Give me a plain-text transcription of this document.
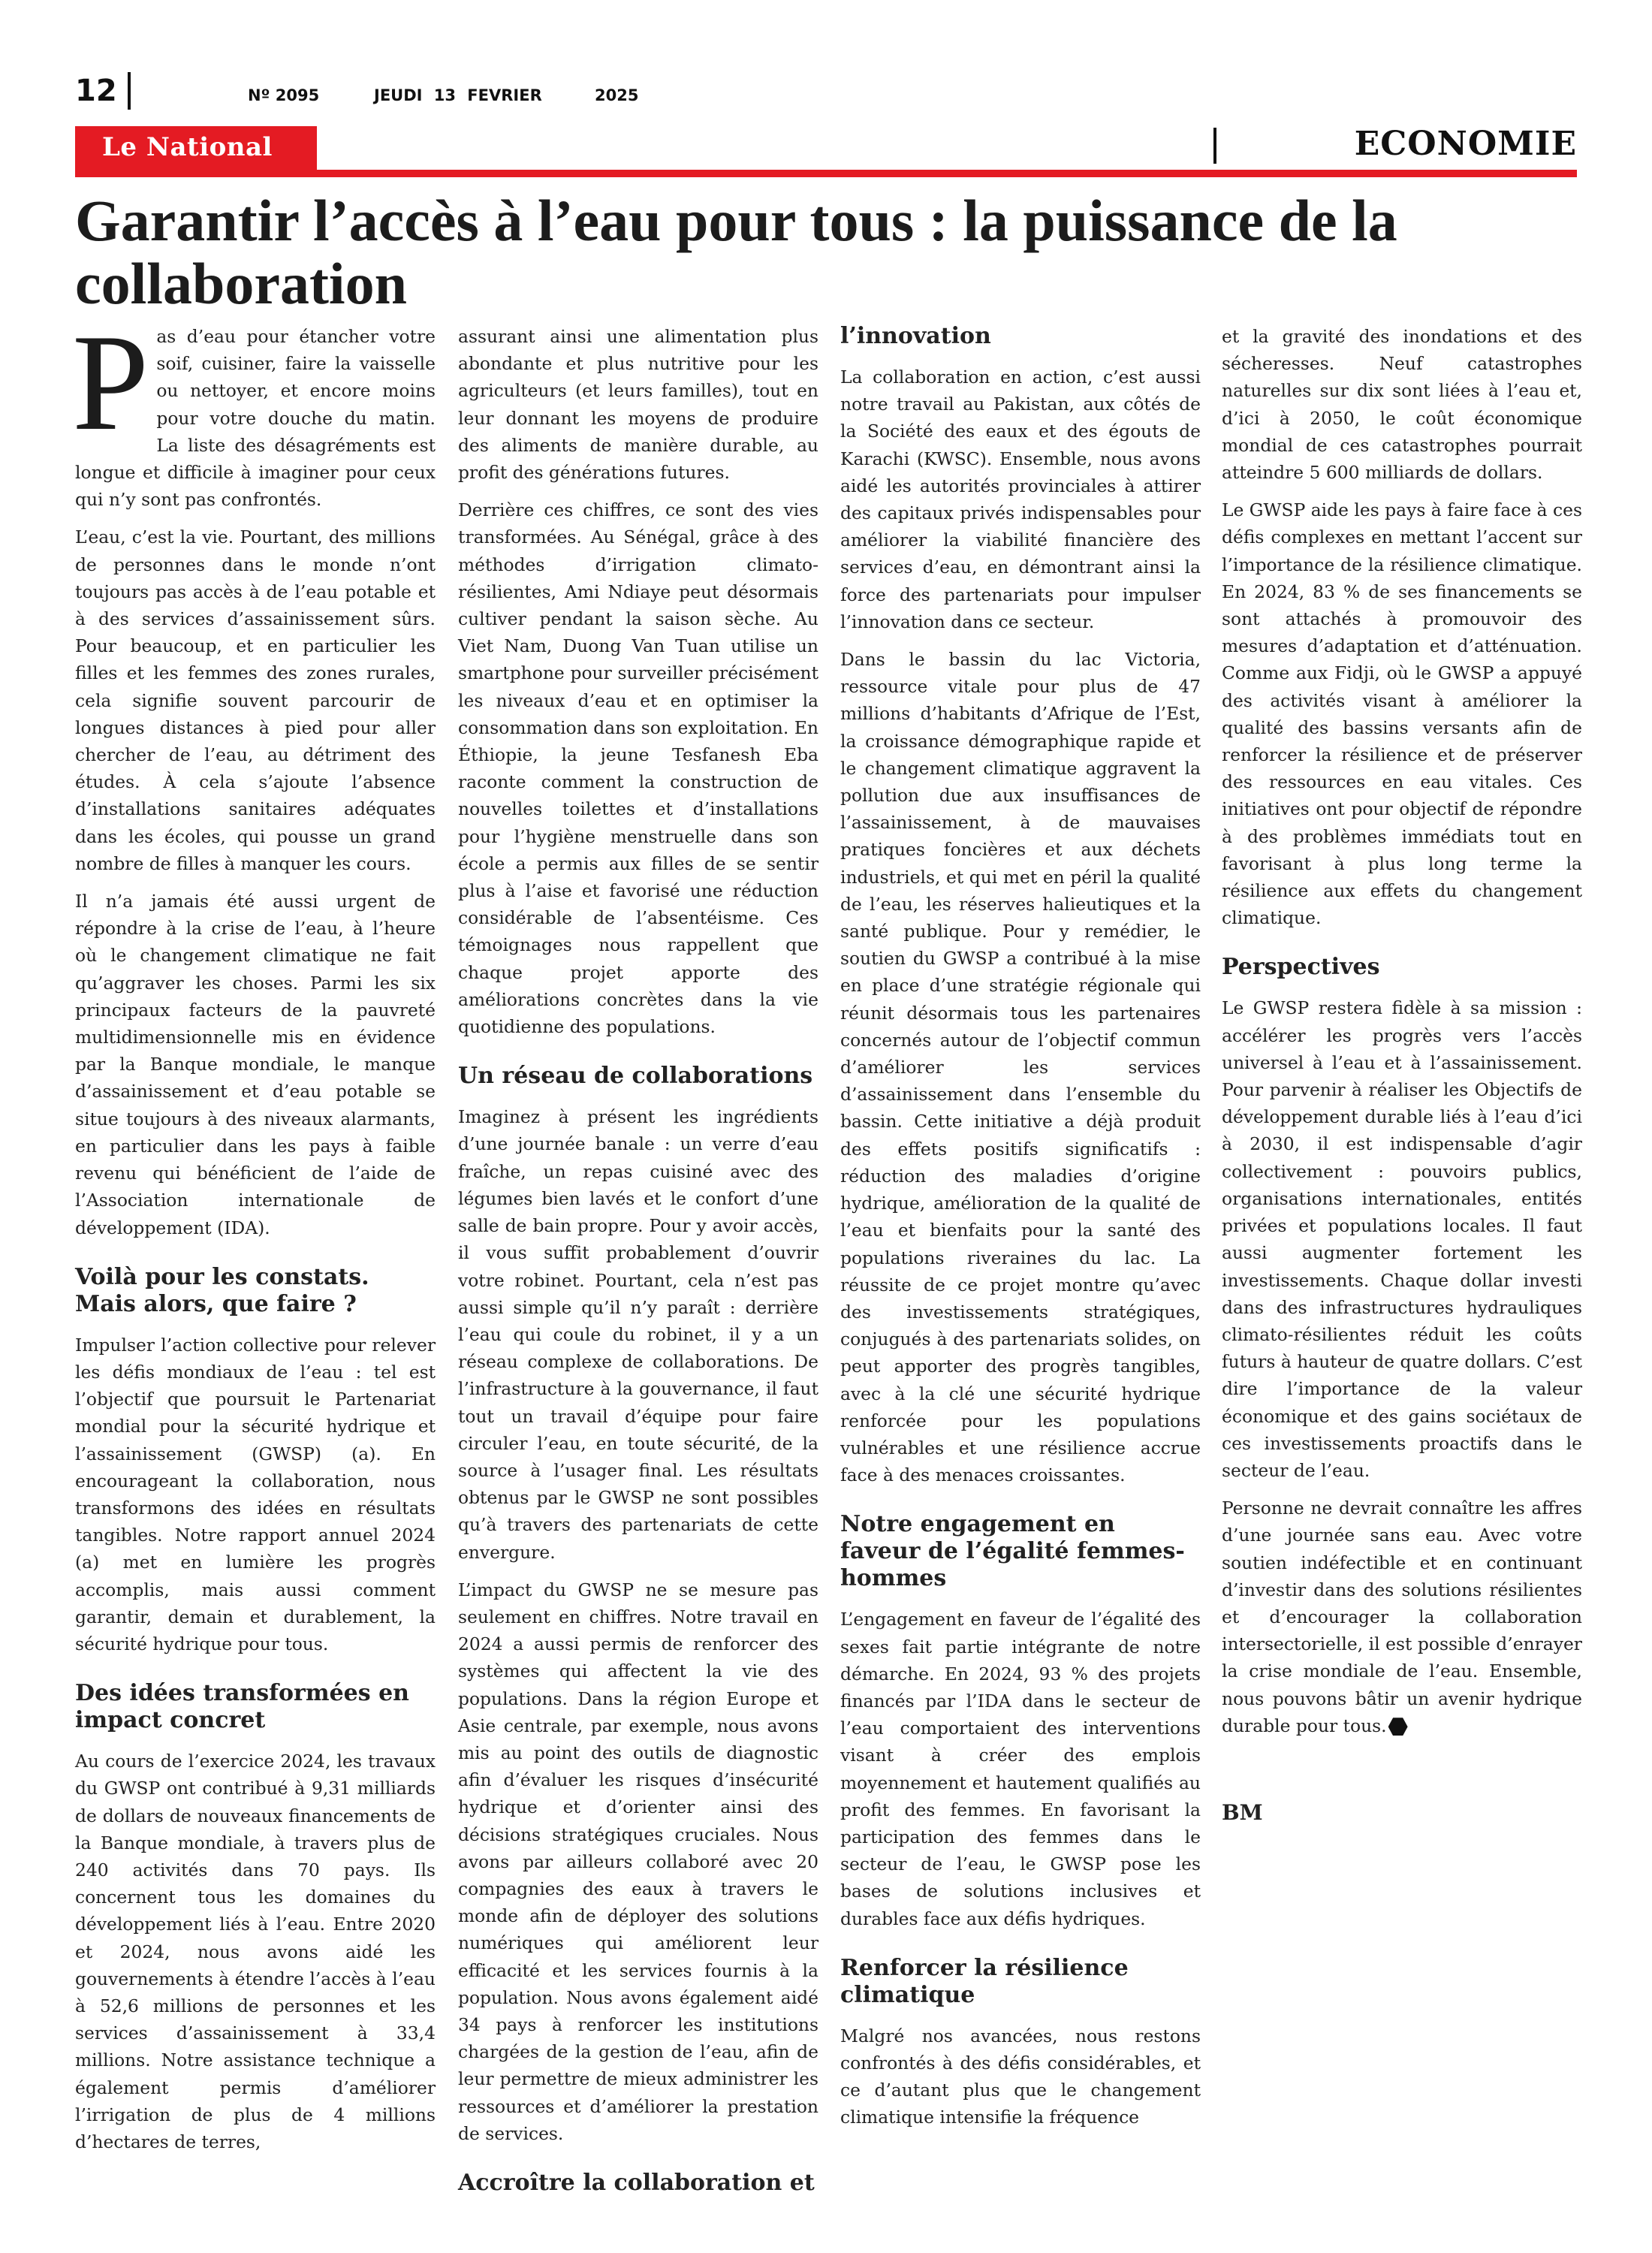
12	Nº 2095	JEUDI 13 FEVRIER	2025
Le National	ECONOMIE
Garantir l’accès à l’eau pour tous : la puissance de la collaboration

Pas d’eau pour étancher votre soif, cuisiner, faire la vaisselle ou nettoyer, et encore moins pour votre douche du matin. La liste des désagréments est longue et difficile à imaginer pour ceux qui n’y sont pas confrontés.

L’eau, c’est la vie. Pourtant, des millions de personnes dans le monde n’ont toujours pas accès à de l’eau potable et à des services d’assainissement sûrs. Pour beaucoup, et en particulier les filles et les femmes des zones rurales, cela signifie souvent parcourir de longues distances à pied pour aller chercher de l’eau, au détriment des études. À cela s’ajoute l’absence d’installations sanitaires adéquates dans les écoles, qui pousse un grand nombre de filles à manquer les cours.

Il n’a jamais été aussi urgent de répondre à la crise de l’eau, à l’heure où le changement climatique ne fait qu’aggraver les choses. Parmi les six principaux facteurs de la pauvreté multidimensionnelle mis en évidence par la Banque mondiale, le manque d’assainissement et d’eau potable se situe toujours à des niveaux alarmants, en particulier dans les pays à faible revenu qui bénéficient de l’aide de l’Association internationale de développement (IDA).

Voilà pour les constats. Mais alors, que faire ?

Impulser l’action collective pour relever les défis mondiaux de l’eau : tel est l’objectif que poursuit le Partenariat mondial pour la sécurité hydrique et l’assainissement (GWSP) (a). En encourageant la collaboration, nous transformons des idées en résultats tangibles. Notre rapport annuel 2024 (a) met en lumière les progrès accomplis, mais aussi comment garantir, demain et durablement, la sécurité hydrique pour tous.

Des idées transformées en impact concret

Au cours de l’exercice 2024, les travaux du GWSP ont contribué à 9,31 milliards de dollars de nouveaux financements de la Banque mondiale, à travers plus de 240 activités dans 70 pays. Ils concernent tous les domaines du développement liés à l’eau. Entre 2020 et 2024, nous avons aidé les gouvernements à étendre l’accès à l’eau à 52,6 millions de personnes et les services d’assainissement à 33,4 millions. Notre assistance technique a également permis d’améliorer l’irrigation de plus de 4 millions d’hectares de terres,

assurant ainsi une alimentation plus abondante et plus nutritive pour les agriculteurs (et leurs familles), tout en leur donnant les moyens de produire des aliments de manière durable, au profit des générations futures.

Derrière ces chiffres, ce sont des vies transformées. Au Sénégal, grâce à des méthodes d’irrigation climato-résilientes, Ami Ndiaye peut désormais cultiver pendant la saison sèche. Au Viet Nam, Duong Van Tuan utilise un smartphone pour surveiller précisément les niveaux d’eau et en optimiser la consommation dans son exploitation. En Éthiopie, la jeune Tesfanesh Eba raconte comment la construction de nouvelles toilettes et d’installations pour l’hygiène menstruelle dans son école a permis aux filles de se sentir plus à l’aise et favorisé une réduction considérable de l’absentéisme. Ces témoignages nous rappellent que chaque projet apporte des améliorations concrètes dans la vie quotidienne des populations.

Un réseau de collaborations

Imaginez à présent les ingrédients d’une journée banale : un verre d’eau fraîche, un repas cuisiné avec des légumes bien lavés et le confort d’une salle de bain propre. Pour y avoir accès, il vous suffit probablement d’ouvrir votre robinet. Pourtant, cela n’est pas aussi simple qu’il n’y paraît : derrière l’eau qui coule du robinet, il y a un réseau complexe de collaborations. De l’infrastructure à la gouvernance, il faut tout un travail d’équipe pour faire circuler l’eau, en toute sécurité, de la source à l’usager final. Les résultats obtenus par le GWSP ne sont possibles qu’à travers des partenariats de cette envergure.

L’impact du GWSP ne se mesure pas seulement en chiffres. Notre travail en 2024 a aussi permis de renforcer des systèmes qui affectent la vie des populations. Dans la région Europe et Asie centrale, par exemple, nous avons mis au point des outils de diagnostic afin d’évaluer les risques d’insécurité hydrique et d’orienter ainsi des décisions stratégiques cruciales. Nous avons par ailleurs collaboré avec 20 compagnies des eaux à travers le monde afin de déployer des solutions numériques qui améliorent leur efficacité et les services fournis à la population. Nous avons également aidé 34 pays à renforcer les institutions chargées de la gestion de l’eau, afin de leur permettre de mieux administrer les ressources et d’améliorer la prestation de services.

Accroître la collaboration et
l’innovation

La collaboration en action, c’est aussi notre travail au Pakistan, aux côtés de la Société des eaux et des égouts de Karachi (KWSC). Ensemble, nous avons aidé les autorités provinciales à attirer des capitaux privés indispensables pour améliorer la viabilité financière des services d’eau, en démontrant ainsi la force des partenariats pour impulser l’innovation dans ce secteur.

Dans le bassin du lac Victoria, ressource vitale pour plus de 47 millions d’habitants d’Afrique de l’Est, la croissance démographique rapide et le changement climatique aggravent la pollution due aux insuffisances de l’assainissement, à de mauvaises pratiques foncières et aux déchets industriels, et qui met en péril la qualité de l’eau, les réserves halieutiques et la santé publique. Pour y remédier, le soutien du GWSP a contribué à la mise en place d’une stratégie régionale qui réunit désormais tous les partenaires concernés autour de l’objectif commun d’améliorer les services d’assainissement dans l’ensemble du bassin. Cette initiative a déjà produit des effets positifs significatifs : réduction des maladies d’origine hydrique, amélioration de la qualité de l’eau et bienfaits pour la santé des populations riveraines du lac. La réussite de ce projet montre qu’avec des investissements stratégiques, conjugués à des partenariats solides, on peut apporter des progrès tangibles, avec à la clé une sécurité hydrique renforcée pour les populations vulnérables et une résilience accrue face à des menaces croissantes.

Notre engagement en faveur de l’égalité femmes-hommes

L’engagement en faveur de l’égalité des sexes fait partie intégrante de notre démarche. En 2024, 93 % des projets financés par l’IDA dans le secteur de l’eau comportaient des interventions visant à créer des emplois moyennement et hautement qualifiés au profit des femmes. En favorisant la participation des femmes dans le secteur de l’eau, le GWSP pose les bases de solutions inclusives et durables face aux défis hydriques.

Renforcer la résilience climatique

Malgré nos avancées, nous restons confrontés à des défis considérables, et ce d’autant plus que le changement climatique intensifie la fréquence

et la gravité des inondations et des sécheresses. Neuf catastrophes naturelles sur dix sont liées à l’eau et, d’ici à 2050, le coût économique mondial de ces catastrophes pourrait atteindre 5 600 milliards de dollars.

Le GWSP aide les pays à faire face à ces défis complexes en mettant l’accent sur l’importance de la résilience climatique. En 2024, 83 % de ses financements se sont attachés à promouvoir des mesures d’adaptation et d’atténuation. Comme aux Fidji, où le GWSP a appuyé des activités visant à améliorer la qualité des bassins versants afin de renforcer la résilience et de préserver des ressources en eau vitales. Ces initiatives ont pour objectif de répondre à des problèmes immédiats tout en favorisant à plus long terme la résilience aux effets du changement climatique.

Perspectives

Le GWSP restera fidèle à sa mission : accélérer les progrès vers l’accès universel à l’eau et à l’assainissement. Pour parvenir à réaliser les Objectifs de développement durable liés à l’eau d’ici à 2030, il est indispensable d’agir collectivement : pouvoirs publics, organisations internationales, entités privées et populations locales. Il faut aussi augmenter fortement les investissements. Chaque dollar investi dans des infrastructures hydrauliques climato-résilientes réduit les coûts futurs à hauteur de quatre dollars. C’est dire l’importance de la valeur économique et des gains sociétaux de ces investissements proactifs dans le secteur de l’eau.

Personne ne devrait connaître les affres d’une journée sans eau. Avec votre soutien indéfectible et en continuant d’investir dans des solutions résilientes et d’encourager la collaboration intersectorielle, il est possible d’enrayer la crise mondiale de l’eau. Ensemble, nous pouvons bâtir un avenir hydrique durable pour tous.

BM
